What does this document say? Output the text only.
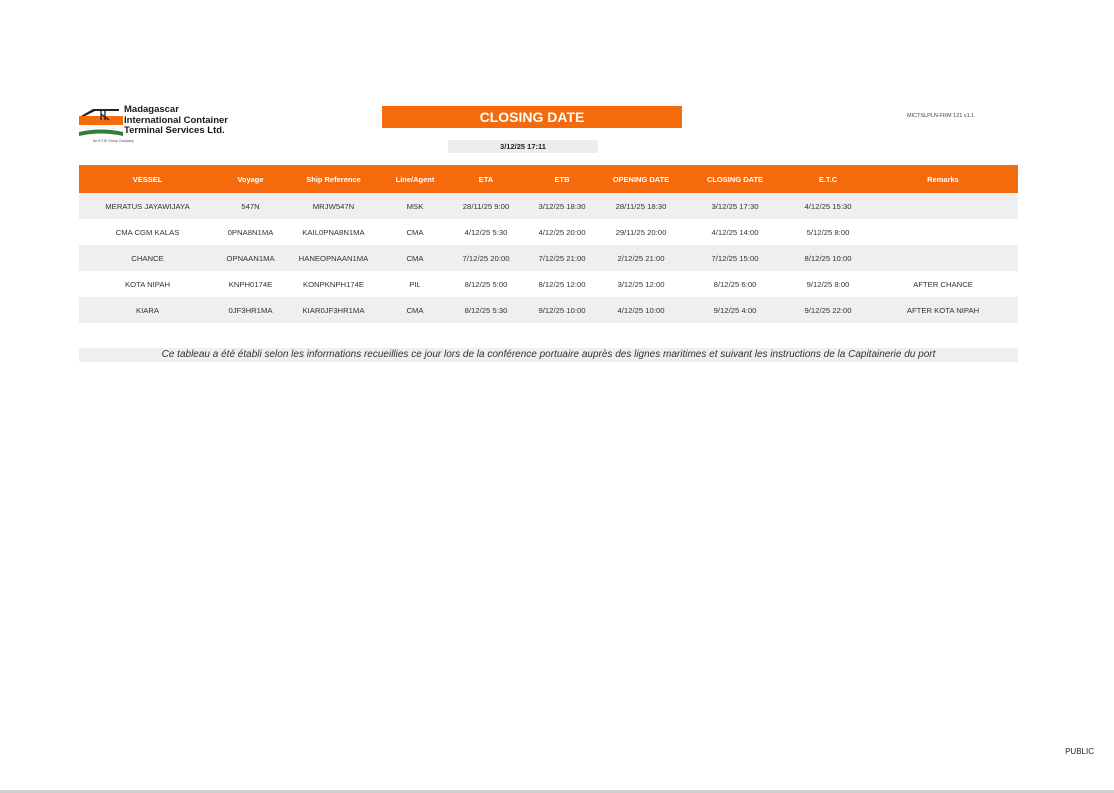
Madagascar
International Container
Terminal Services Ltd.
An ICTSI Group Company
CLOSING DATE	MICTSLPLN-FRM 121 v1.1
3/12/25 17:11
VESSEL	Voyage	Ship Reference	Line/Agent	ETA	ETB	OPENING DATE	CLOSING DATE	E.T.C	Remarks
MERATUS JAYAWIJAYA	547N	MRJW547N	MSK	28/11/25 9:00	3/12/25 18:30	28/11/25 18:30	3/12/25 17:30	4/12/25 15:30	
CMA CGM KALAS	0PNA8N1MA	KAIL0PNA8N1MA	CMA	4/12/25 5:30	4/12/25 20:00	29/11/25 20:00	4/12/25 14:00	5/12/25 8:00	
CHANCE	OPNAAN1MA	HANEOPNAAN1MA	CMA	7/12/25 20:00	7/12/25 21:00	2/12/25 21:00	7/12/25 15:00	8/12/25 10:00	
KOTA NIPAH	KNPH0174E	KONPKNPH174E	PIL	8/12/25 5:00	8/12/25 12:00	3/12/25 12:00	8/12/25 6:00	9/12/25 8:00	AFTER CHANCE
KIARA	0JF3HR1MA	KIAR0JF3HR1MA	CMA	8/12/25 5:30	9/12/25 10:00	4/12/25 10:00	9/12/25 4:00	9/12/25 22:00	AFTER KOTA NIPAH
Ce tableau a été établi selon les informations recueillies ce jour lors de la conférence portuaire auprès des lignes maritimes et suivant les instructions de la Capitainerie du port
PUBLIC
